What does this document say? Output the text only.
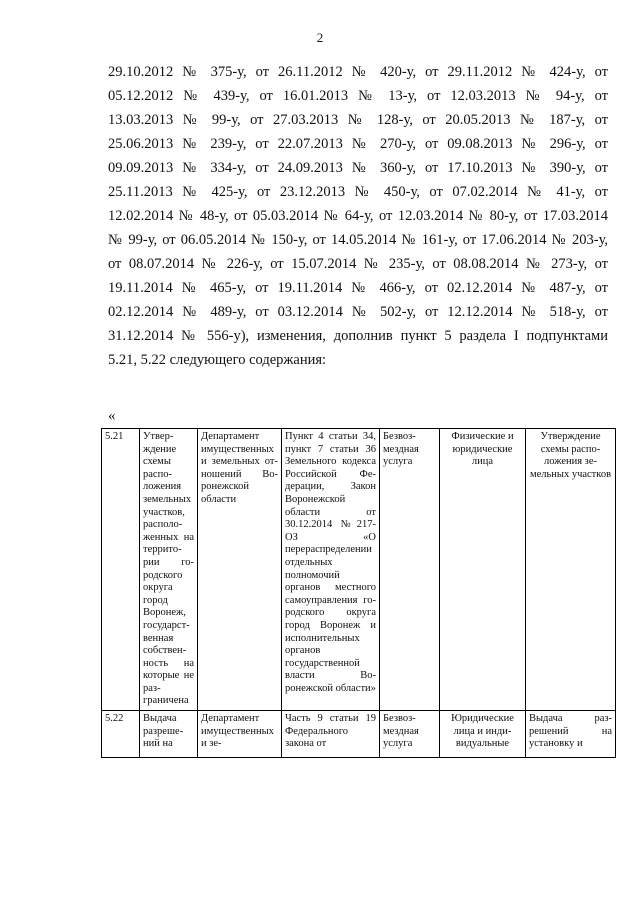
2
29.10.2012 № 375-у, от 26.11.2012 № 420-у, от 29.11.2012 № 424-у, от
05.12.2012 № 439-у, от 16.01.2013 № 13-у, от 12.03.2013 № 94-у, от
13.03.2013 № 99-у, от 27.03.2013 № 128-у, от 20.05.2013 № 187-у, от
25.06.2013 № 239-у, от 22.07.2013 № 270-у, от 09.08.2013 № 296-у, от
09.09.2013 № 334-у, от 24.09.2013 № 360-у, от 17.10.2013 № 390-у, от
25.11.2013 № 425-у, от 23.12.2013 № 450-у, от 07.02.2014 № 41-у, от
12.02.2014 № 48-у, от 05.03.2014 № 64-у, от 12.03.2014 № 80-у, от 17.03.2014
№ 99-у, от 06.05.2014 № 150-у, от 14.05.2014 № 161-у, от 17.06.2014 № 203-у,
от 08.07.2014 № 226-у, от 15.07.2014 № 235-у, от 08.08.2014 № 273-у, от
19.11.2014 № 465-у, от 19.11.2014 № 466-у, от 02.12.2014 № 487-у, от
02.12.2014 № 489-у, от 03.12.2014 № 502-у, от 12.12.2014 № 518-у, от
31.12.2014 № 556-у), изменения, дополнив пункт 5 раздела I подпунктами
5.21, 5.22 следующего содержания:
«
5.21	Утверждение схемы расположения земельных участков, расположенных на территории городского округа город Воронеж, государственная собственность на которые не разграничена	Департамент имущественных и земельных отношений Воронежской области	Пункт 4 статьи 34, пункт 7 статьи 36 Земельного кодекса Российской Федерации, Закон Воронежской области от 30.12.2014 №217-ОЗ «О перераспределении отдельных полномочий органов местного самоуправления городского округа город Воронеж и исполнительных органов государственной власти Воронежской области»	Безвозмездная услуга	Физические и юридические лица	Утверждение схемы расположения земельных участков
5.22	Выдача разрешений на	Департамент имущественных и зе-	Часть 9 статьи 19 Федерального закона от	Безвозмездная услуга	Юридические лица и индивидуальные	Выдача разрешений на установку и
